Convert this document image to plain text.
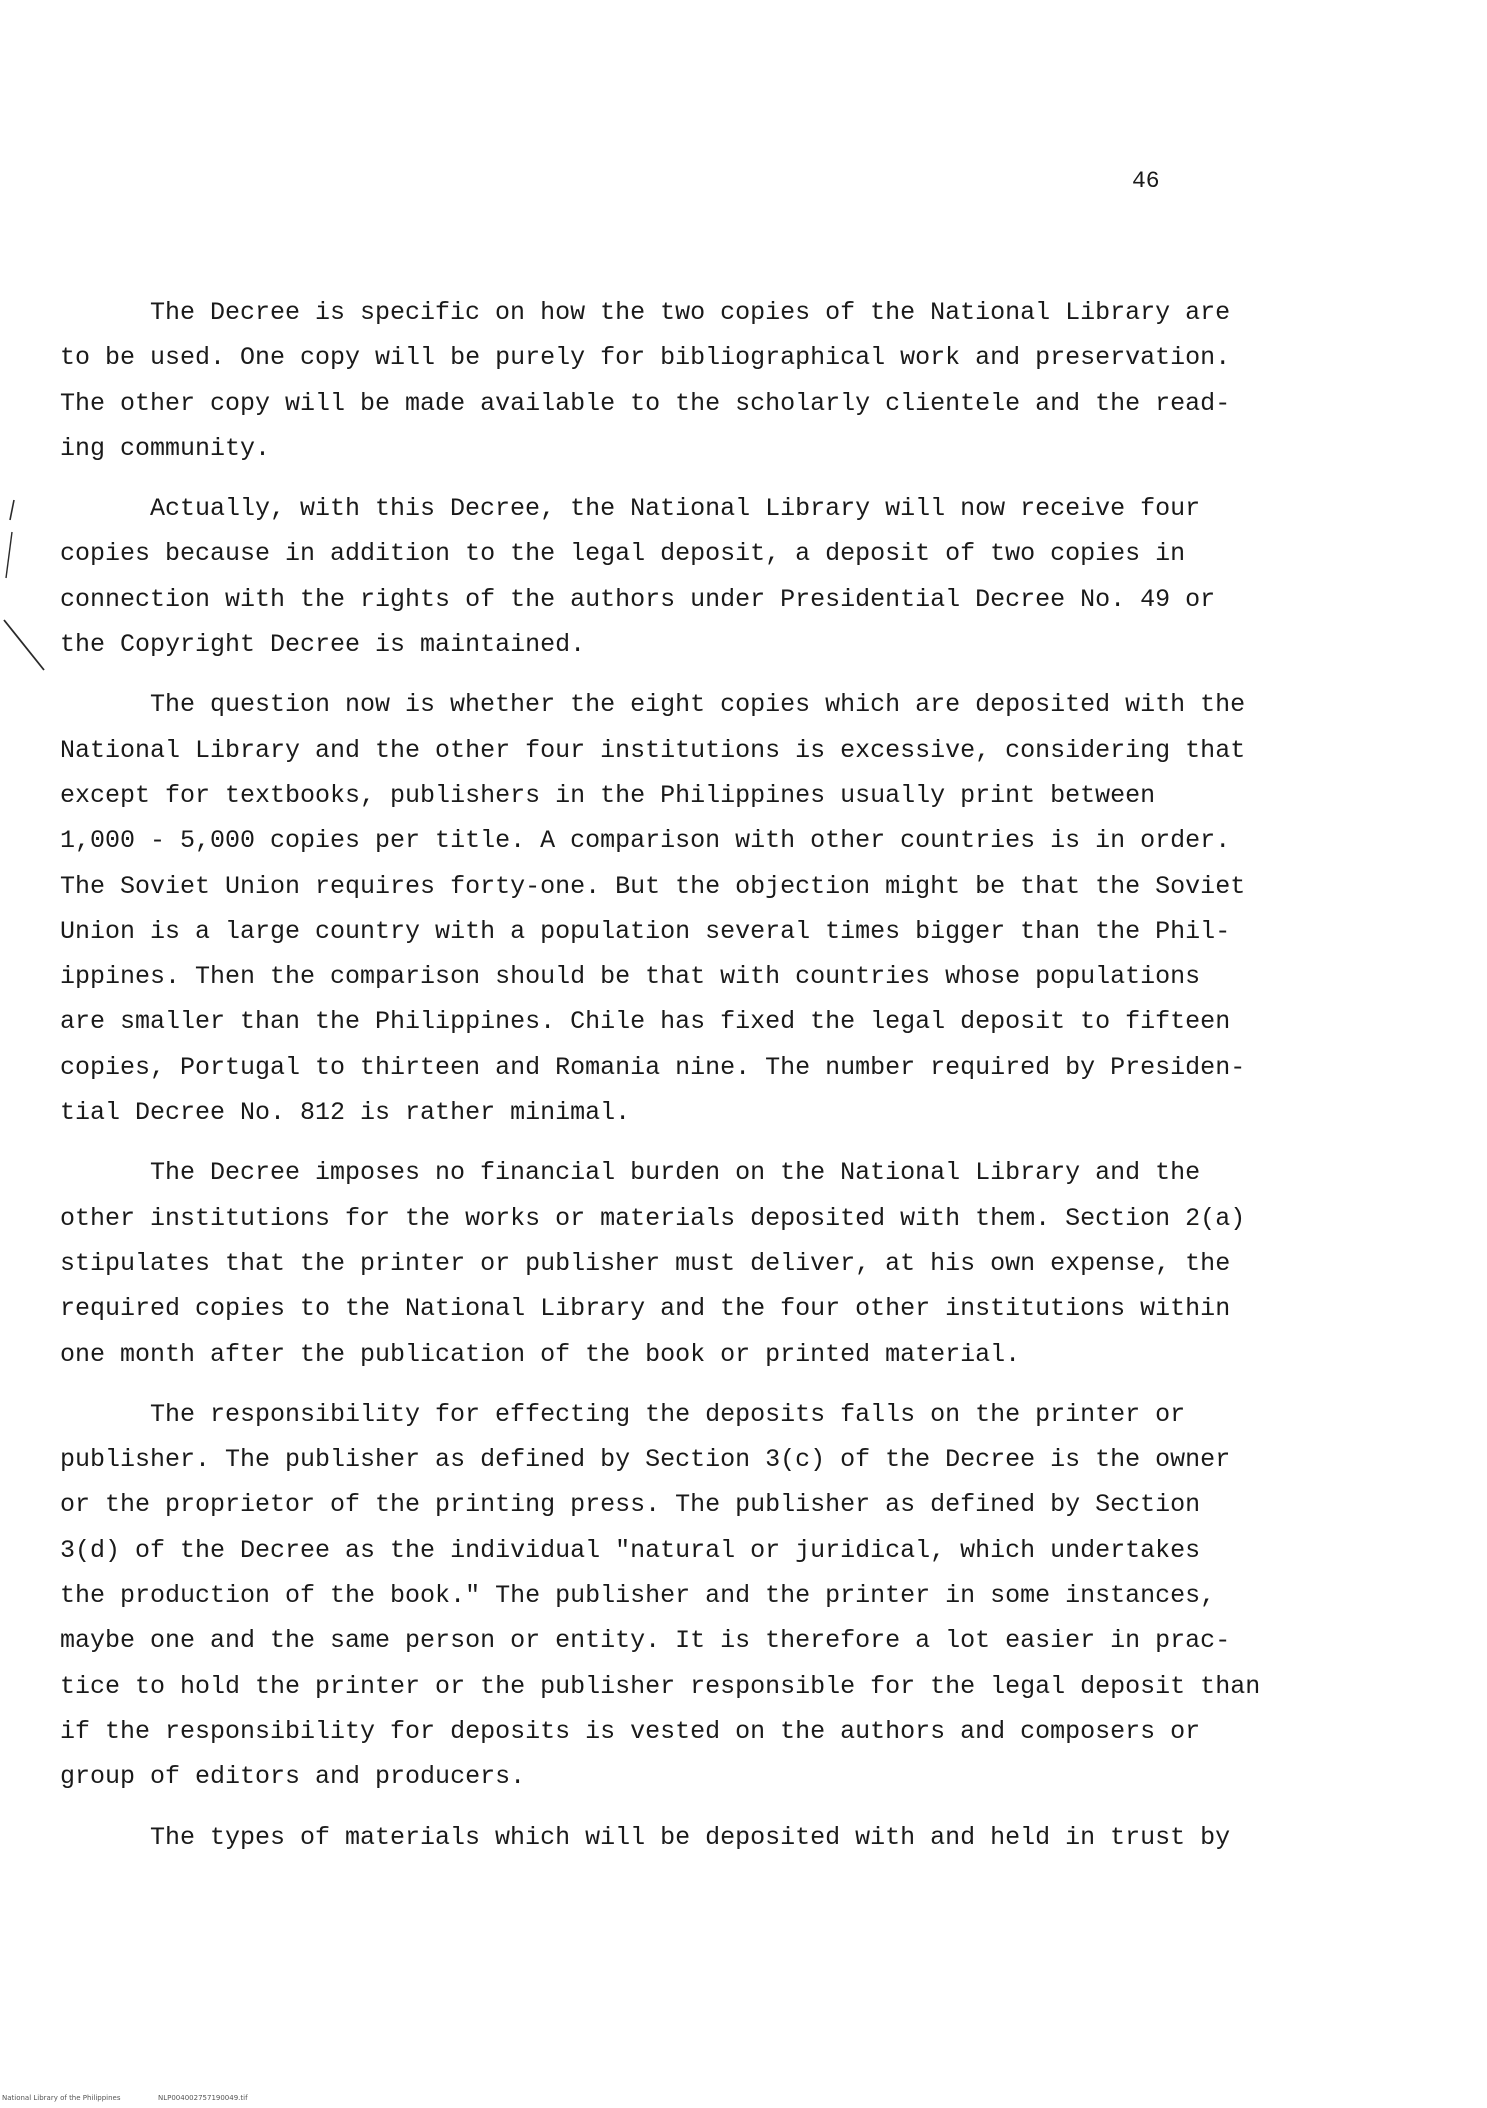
46
The Decree is specific on how the two copies of the National Library are
to be used. One copy will be purely for bibliographical work and preservation.
The other copy will be made available to the scholarly clientele and the read-
ing community.
Actually, with this Decree, the National Library will now receive four
copies because in addition to the legal deposit, a deposit of two copies in
connection with the rights of the authors under Presidential Decree No. 49 or
the Copyright Decree is maintained.
The question now is whether the eight copies which are deposited with the
National Library and the other four institutions is excessive, considering that
except for textbooks, publishers in the Philippines usually print between
1,000 - 5,000 copies per title. A comparison with other countries is in order.
The Soviet Union requires forty-one. But the objection might be that the Soviet
Union is a large country with a population several times bigger than the Phil-
ippines. Then the comparison should be that with countries whose populations
are smaller than the Philippines. Chile has fixed the legal deposit to fifteen
copies, Portugal to thirteen and Romania nine. The number required by Presiden-
tial Decree No. 812 is rather minimal.
The Decree imposes no financial burden on the National Library and the
other institutions for the works or materials deposited with them. Section 2(a)
stipulates that the printer or publisher must deliver, at his own expense, the
required copies to the National Library and the four other institutions within
one month after the publication of the book or printed material.
The responsibility for effecting the deposits falls on the printer or
publisher. The publisher as defined by Section 3(c) of the Decree is the owner
or the proprietor of the printing press. The publisher as defined by Section
3(d) of the Decree as the individual "natural or juridical, which undertakes
the production of the book." The publisher and the printer in some instances,
maybe one and the same person or entity. It is therefore a lot easier in prac-
tice to hold the printer or the publisher responsible for the legal deposit than
if the responsibility for deposits is vested on the authors and composers or
group of editors and producers.
The types of materials which will be deposited with and held in trust by
National Library of the Philippines	NLP004002757190049.tif
